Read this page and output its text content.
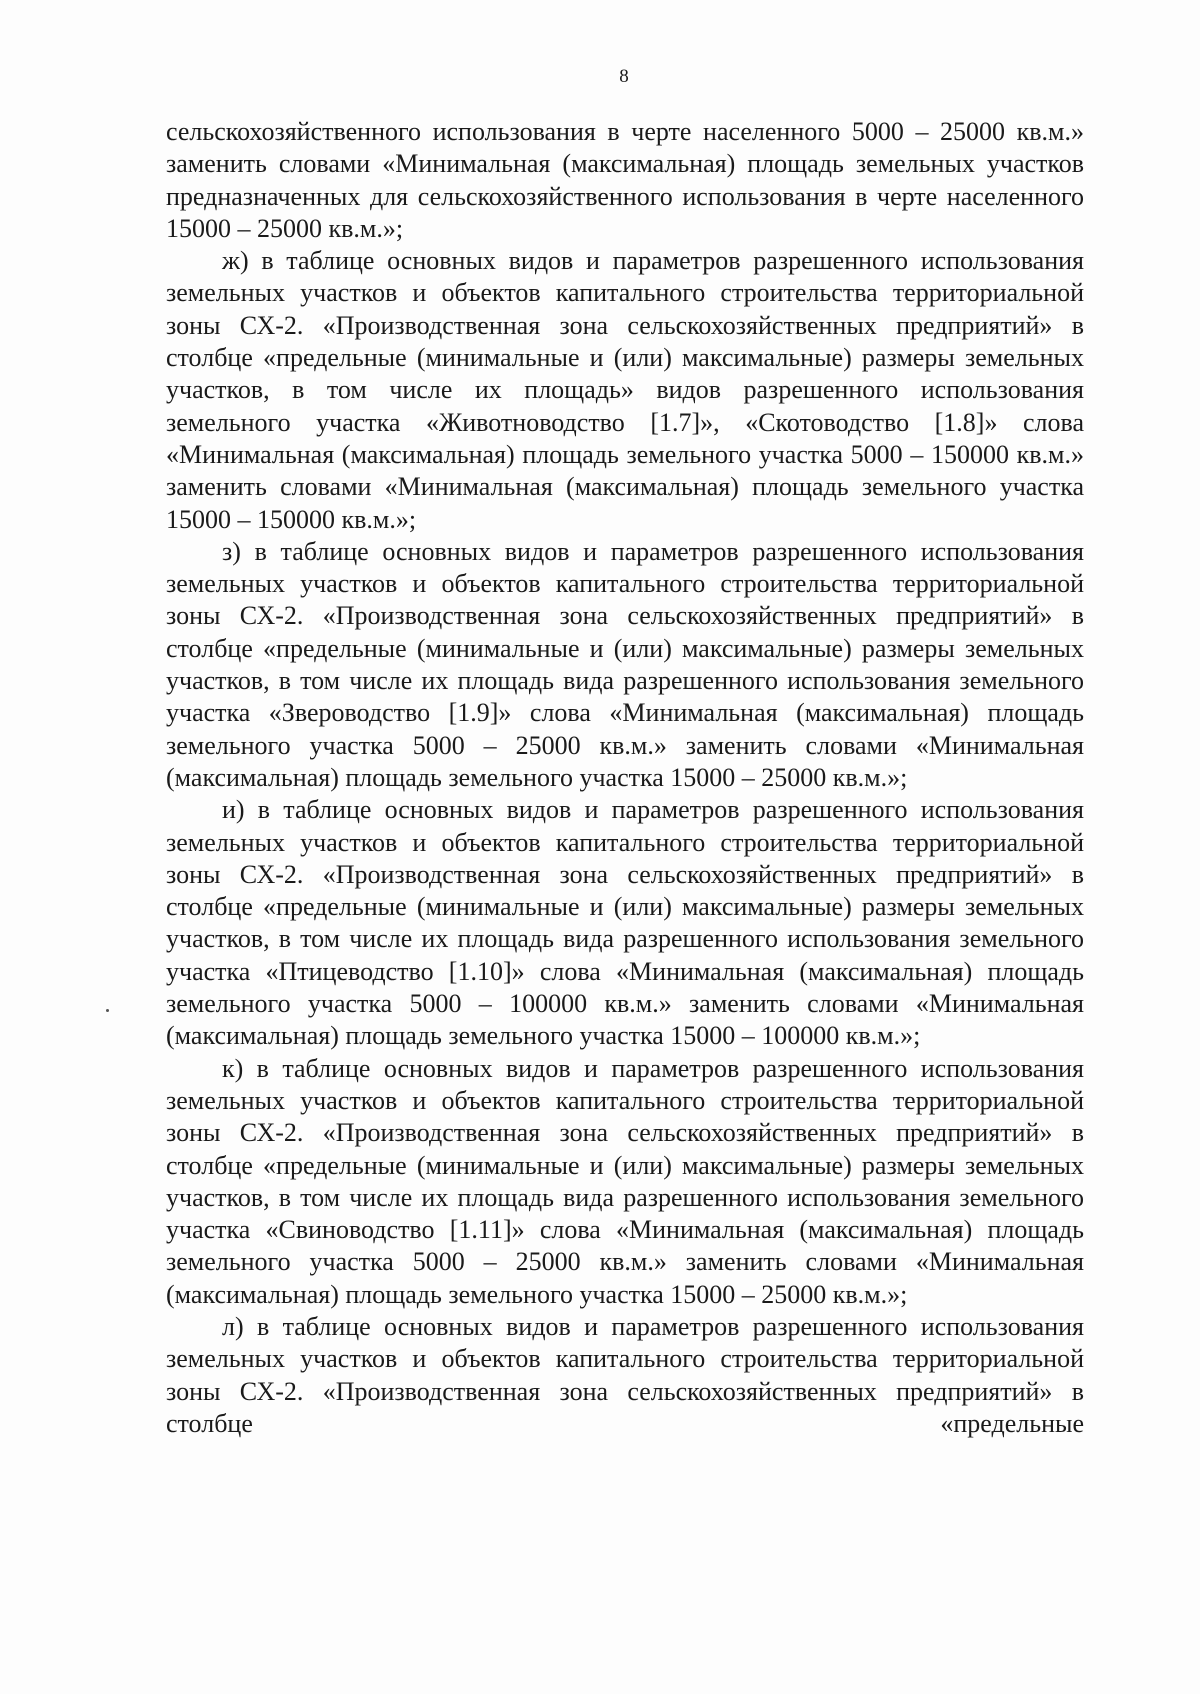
8

сельскохозяйственного использования в черте населенного 5000 – 25000 кв.м.» заменить словами «Минимальная (максимальная) площадь земельных участков предназначенных для сельскохозяйственного использования в черте населенного 15000 – 25000 кв.м.»;

ж) в таблице основных видов и параметров разрешенного использования земельных участков и объектов капитального строительства территориальной зоны СХ-2. «Производственная зона сельскохозяйственных предприятий» в столбце «предельные (минимальные и (или) максимальные) размеры земельных участков, в том числе их площадь» видов разрешенного использования земельного участка «Животноводство [1.7]», «Скотоводство [1.8]» слова «Минимальная (максимальная) площадь земельного участка 5000 – 150000 кв.м.» заменить словами «Минимальная (максимальная) площадь земельного участка 15000 – 150000 кв.м.»;

з) в таблице основных видов и параметров разрешенного использования земельных участков и объектов капитального строительства территориальной зоны СХ-2. «Производственная зона сельскохозяйственных предприятий» в столбце «предельные (минимальные и (или) максимальные) размеры земельных участков, в том числе их площадь вида разрешенного использования земельного участка «Звероводство [1.9]» слова «Минимальная (максимальная) площадь земельного участка 5000 – 25000 кв.м.» заменить словами «Минимальная (максимальная) площадь земельного участка 15000 – 25000 кв.м.»;

и) в таблице основных видов и параметров разрешенного использования земельных участков и объектов капитального строительства территориальной зоны СХ-2. «Производственная зона сельскохозяйственных предприятий» в столбце «предельные (минимальные и (или) максимальные) размеры земельных участков, в том числе их площадь вида разрешенного использования земельного участка «Птицеводство [1.10]» слова «Минимальная (максимальная) площадь земельного участка 5000 – 100000 кв.м.» заменить словами «Минимальная (максимальная) площадь земельного участка 15000 – 100000 кв.м.»;

к) в таблице основных видов и параметров разрешенного использования земельных участков и объектов капитального строительства территориальной зоны СХ-2. «Производственная зона сельскохозяйственных предприятий» в столбце «предельные (минимальные и (или) максимальные) размеры земельных участков, в том числе их площадь вида разрешенного использования земельного участка «Свиноводство [1.11]» слова «Минимальная (максимальная) площадь земельного участка 5000 – 25000 кв.м.» заменить словами «Минимальная (максимальная) площадь земельного участка 15000 – 25000 кв.м.»;

л) в таблице основных видов и параметров разрешенного использования земельных участков и объектов капитального строительства территориальной зоны СХ-2. «Производственная зона сельскохозяйственных предприятий» в столбце «предельные
